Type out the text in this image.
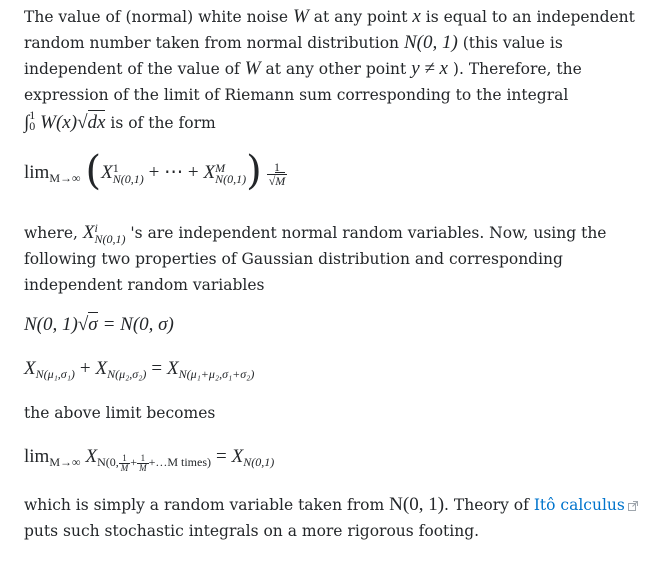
The value of (normal) white noise W at any point x is equal to an independent
random number taken from normal distribution N(0, 1) (this value is
independent of the value of W at any other point y ≠ x ). Therefore, the
expression of the limit of Riemann sum corresponding to the integral
∫ 1
0 W(x)√dx is of the form
$\lim_{M\to\infty} (X$ 1
N(0,1) + ⋯ + X M
N(0,1) ) $\frac{1}{√M}$
where, X i
N(0,1) 's are independent normal random variables. Now, using the
following two properties of Gaussian distribution and corresponding
independent random variables
N(0, 1)√σ = N(0, σ)
$X_{N(\mu_1,\sigma_1)} + X_{N(\mu_2,\sigma_2)} = X_{N(\mu_1+\mu_2,\sigma_1+\sigma_2)}$
the above limit becomes
$\lim_{M\to\infty} X_{N(0, \frac{1}{M} + \frac{1}{M} +\dots M times)} = X_{N(0,1)}$
which is simply a random variable taken from N(0, 1). Theory of Itô calculus
puts such stochastic integrals on a more rigorous footing.
